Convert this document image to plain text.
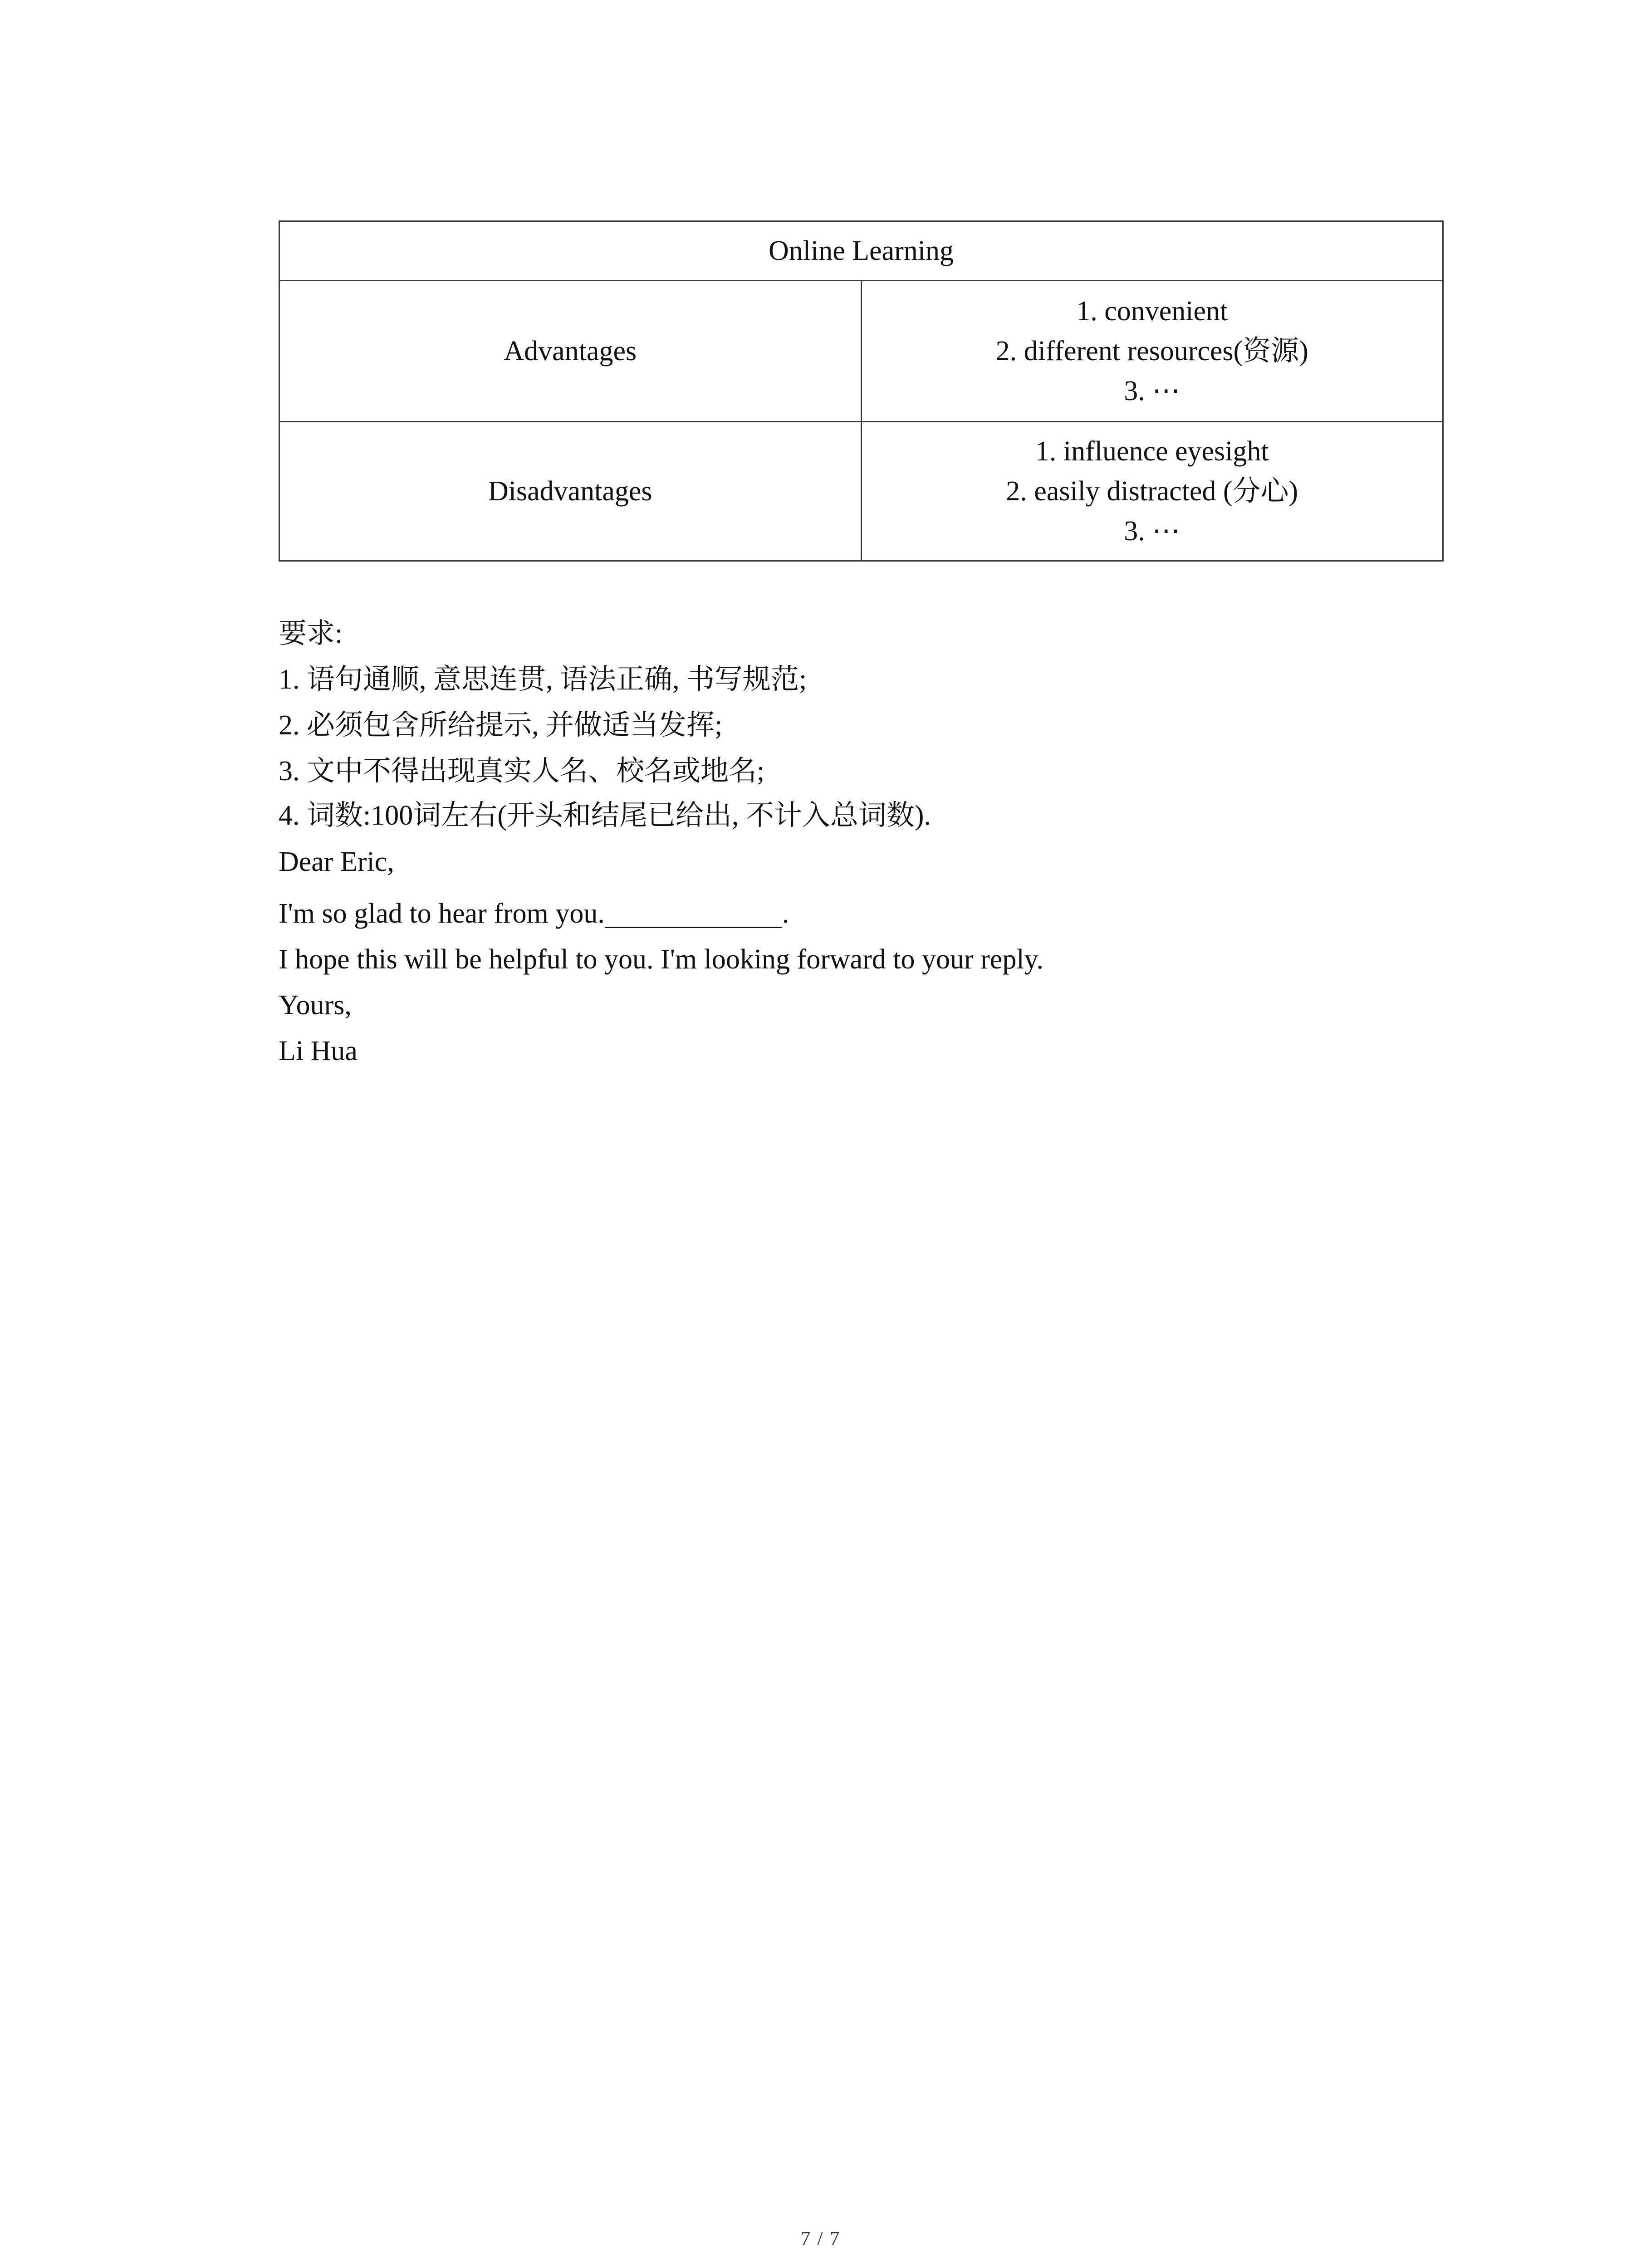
Online Learning	
Advantages	1. convenient
2. different resources(资源)
3. ⋯

Disadvantages	1. influence eyesight
2. easily distracted (分心)
3. ⋯
要求:
1. 语句通顺, 意思连贯, 语法正确, 书写规范;
2. 必须包含所给提示, 并做适当发挥;
3. 文中不得出现真实人名、校名或地名;
4. 词数:100词左右(开头和结尾已给出, 不计入总词数).
Dear Eric,
I'm so glad to hear from you.	.
I hope this will be helpful to you. I'm looking forward to your reply.
Yours,
Li Hua
7 / 7
